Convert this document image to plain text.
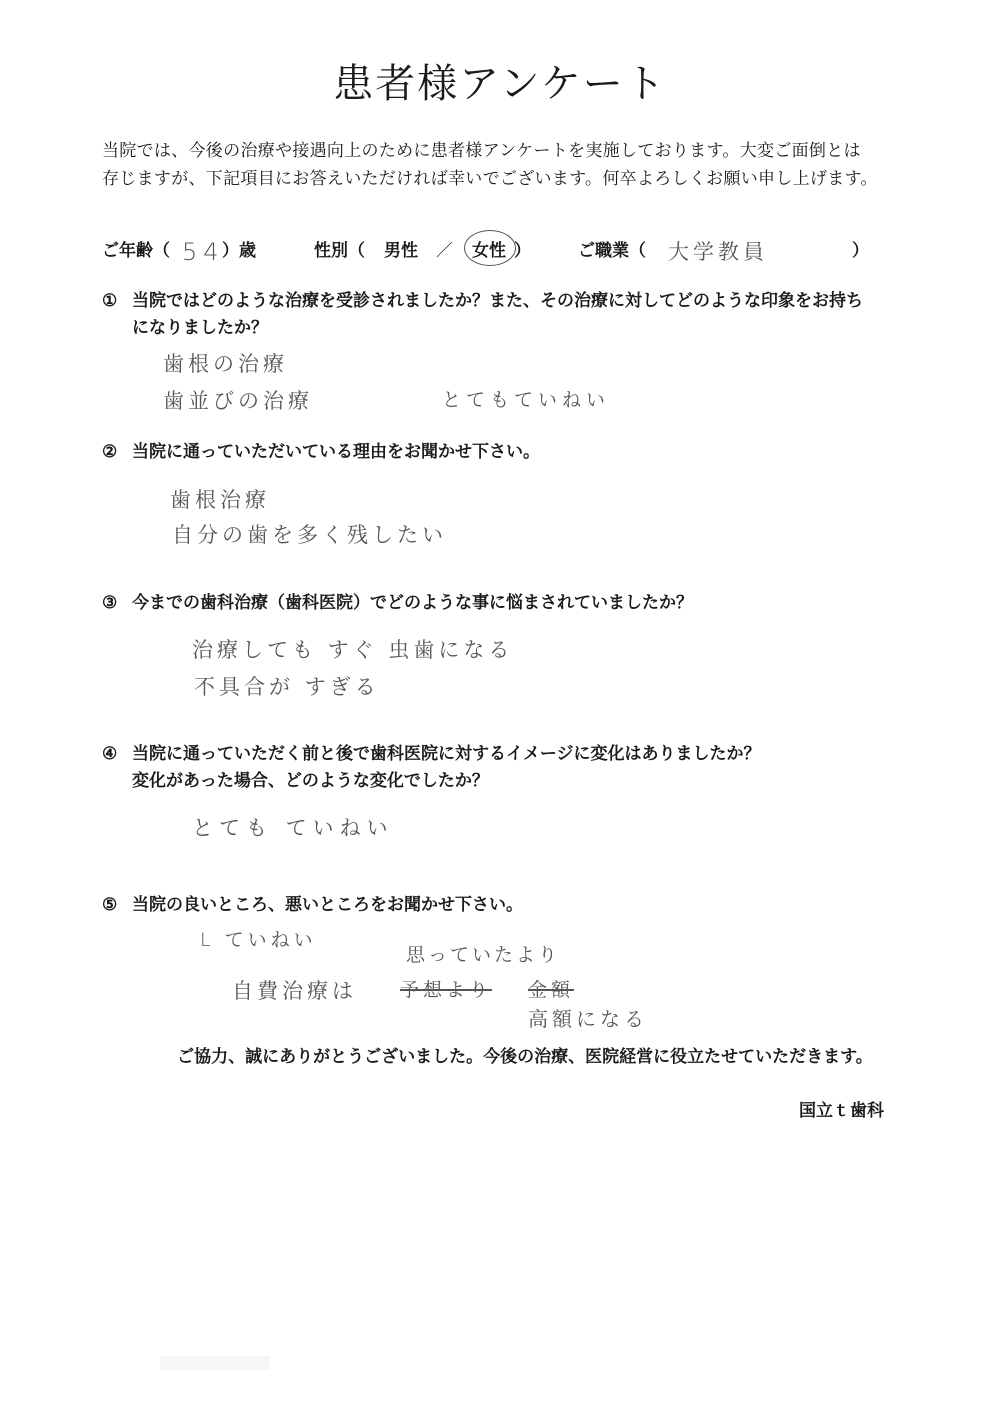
患者様アンケート
当院では、今後の治療や接遇向上のために患者様アンケートを実施しております。大変ご面倒とは
存じますが、下記項目にお答えいただければ幸いでございます。何卒よろしくお願い申し上げます。
ご年齢（ 54
）歳	性別（ 男性 ／ 女性 ）	ご職業（ 大学教員	）
① 当院ではどのような治療を受診されましたか？また、その治療に対してどのような印象をお持ち
になりましたか？
歯根の治療
歯並びの治療	とてもていねい
② 当院に通っていただいている理由をお聞かせ下さい。
歯根治療
自分の歯を多く残したい
③ 今までの歯科治療（歯科医院）でどのような事に悩まされていましたか？
治療しても すぐ 虫歯になる
不具合が すぎる
④ 当院に通っていただく前と後で歯科医院に対するイメージに変化はありましたか？
変化があった場合、どのような変化でしたか？
とても ていねい
⑤ 当院の良いところ、悪いところをお聞かせ下さい。
L ていねい
自費治療は 予想より
思っていたより
金額
高額になる
ご協力、誠にありがとうございました。今後の治療、医院経営に役立たせていただきます。
国立ｔ歯科
